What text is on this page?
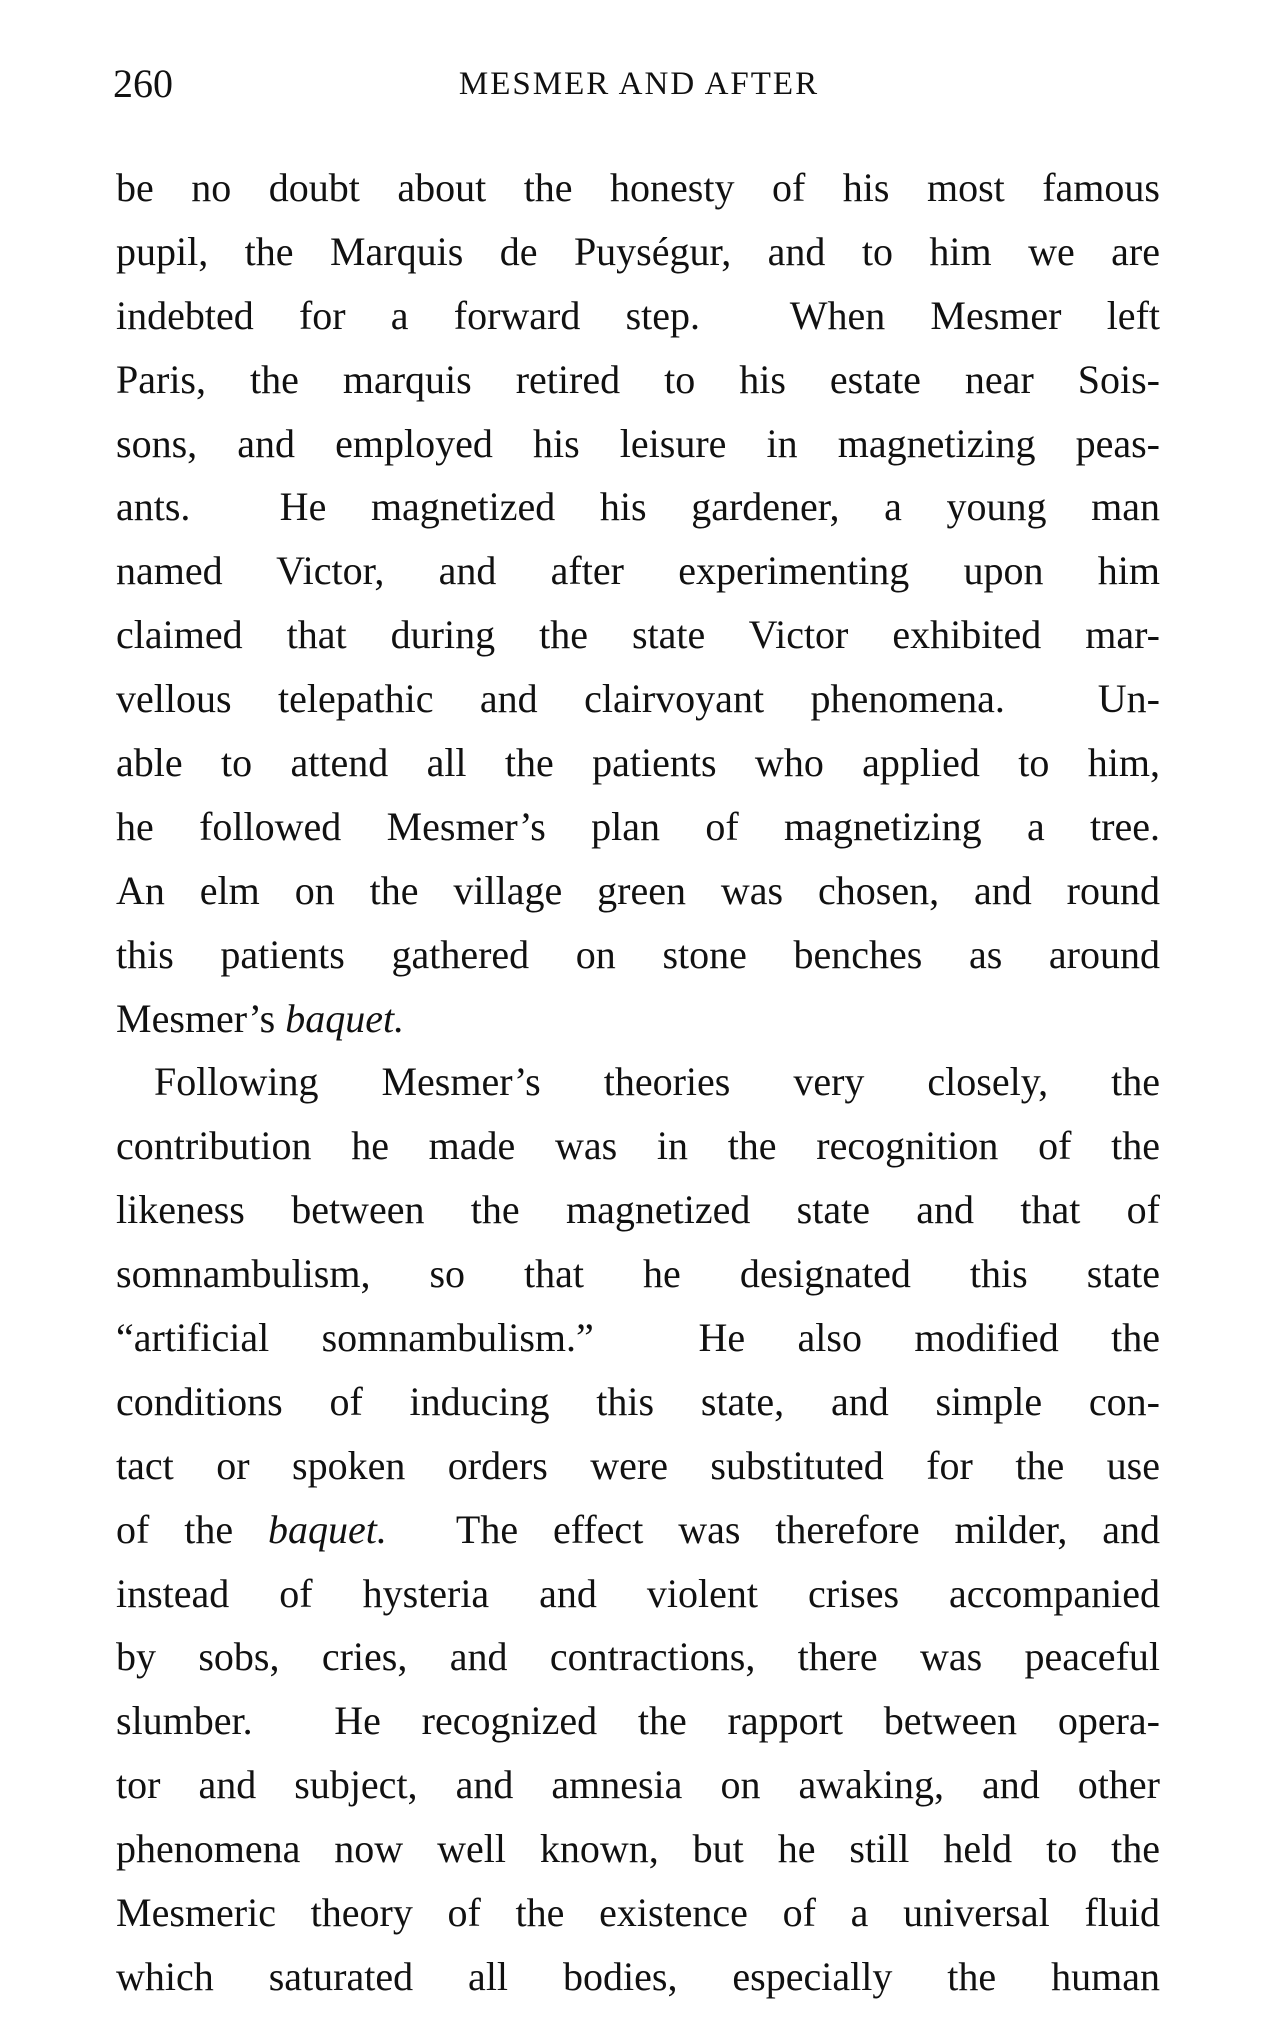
260	MESMER AND AFTER
be no doubt about the honesty of his most famous
pupil, the Marquis de Puységur, and to him we are
indebted for a forward step.  When Mesmer left
Paris, the marquis retired to his estate near Sois-
sons, and employed his leisure in magnetizing peas-
ants.  He magnetized his gardener, a young man
named Victor, and after experimenting upon him
claimed that during the state Victor exhibited mar-
vellous telepathic and clairvoyant phenomena.  Un-
able to attend all the patients who applied to him,
he followed Mesmer’s plan of magnetizing a tree.
An elm on the village green was chosen, and round
this patients gathered on stone benches as around
Mesmer’s baquet.
Following Mesmer’s theories very closely, the
contribution he made was in the recognition of the
likeness between the magnetized state and that of
somnambulism, so that he designated this state
“artificial somnambulism.”  He also modified the
conditions of inducing this state, and simple con-
tact or spoken orders were substituted for the use
of the baquet.  The effect was therefore milder, and
instead of hysteria and violent crises accompanied
by sobs, cries, and contractions, there was peaceful
slumber.  He recognized the rapport between opera-
tor and subject, and amnesia on awaking, and other
phenomena now well known, but he still held to the
Mesmeric theory of the existence of a universal fluid
which saturated all bodies, especially the human
